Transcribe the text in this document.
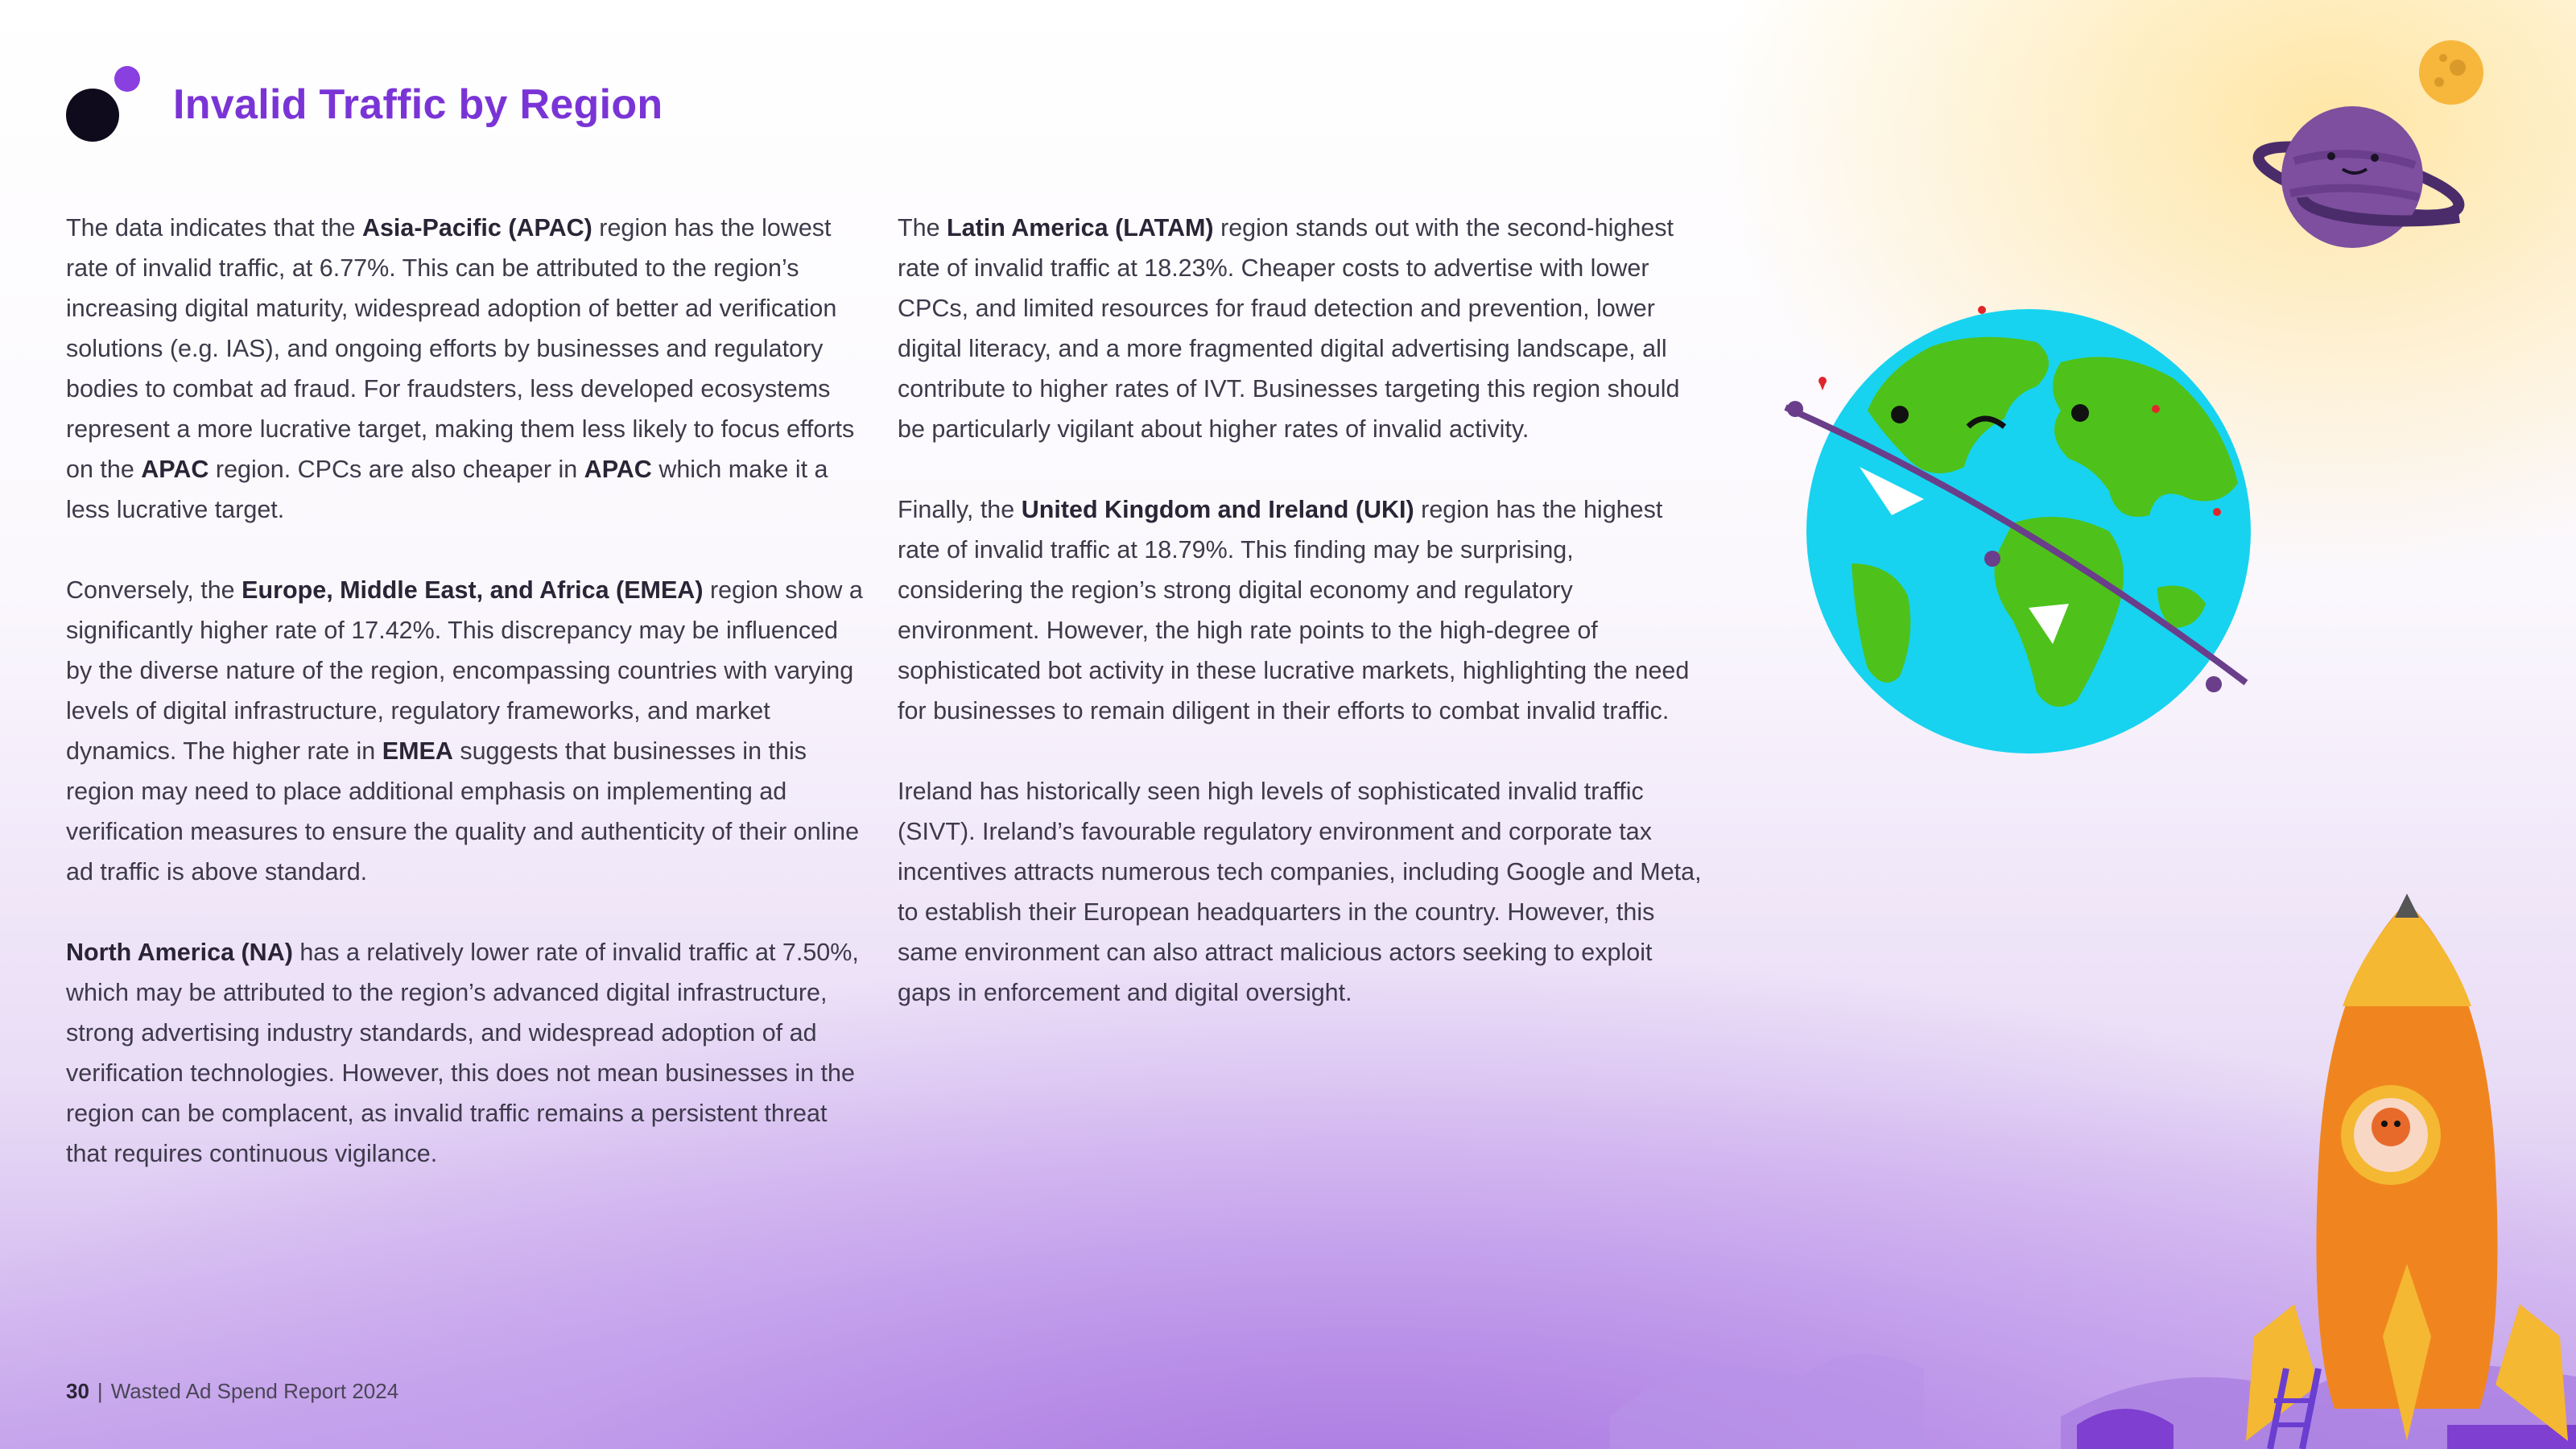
Invalid Traffic by Region

The data indicates that the Asia-Pacific (APAC) region has the lowest rate of invalid traffic, at 6.77%. This can be attributed to the region’s increasing digital maturity, widespread adoption of better ad verification solutions (e.g. IAS), and ongoing efforts by businesses and regulatory bodies to combat ad fraud. For fraudsters, less developed ecosystems represent a more lucrative target, making them less likely to focus efforts on the APAC region. CPCs are also cheaper in APAC which make it a less lucrative target.

Conversely, the Europe, Middle East, and Africa (EMEA) region show a significantly higher rate of 17.42%. This discrepancy may be influenced by the diverse nature of the region, encompassing countries with varying levels of digital infrastructure, regulatory frameworks, and market dynamics. The higher rate in EMEA suggests that businesses in this region may need to place additional emphasis on implementing ad verification measures to ensure the quality and authenticity of their online ad traffic is above standard.

North America (NA) has a relatively lower rate of invalid traffic at 7.50%, which may be attributed to the region’s advanced digital infrastructure, strong advertising industry standards, and widespread adoption of ad verification technologies. However, this does not mean businesses in the region can be complacent, as invalid traffic remains a persistent threat that requires continuous vigilance.

The Latin America (LATAM) region stands out with the second-highest rate of invalid traffic at 18.23%. Cheaper costs to advertise with lower CPCs, and limited resources for fraud detection and prevention, lower digital literacy, and a more fragmented digital advertising landscape, all contribute to higher rates of IVT. Businesses targeting this region should be particularly vigilant about higher rates of invalid activity.

Finally, the United Kingdom and Ireland (UKI) region has the highest rate of invalid traffic at 18.79%. This finding may be surprising, considering the region’s strong digital economy and regulatory environment. However, the high rate points to the high-degree of sophisticated bot activity in these lucrative markets, highlighting the need for businesses to remain diligent in their efforts to combat invalid traffic.

Ireland has historically seen high levels of sophisticated invalid traffic (SIVT). Ireland’s favourable regulatory environment and corporate tax incentives attracts numerous tech companies, including Google and Meta, to establish their European headquarters in the country. However, this same environment can also attract malicious actors seeking to exploit gaps in enforcement and digital oversight.

30 | Wasted Ad Spend Report 2024
